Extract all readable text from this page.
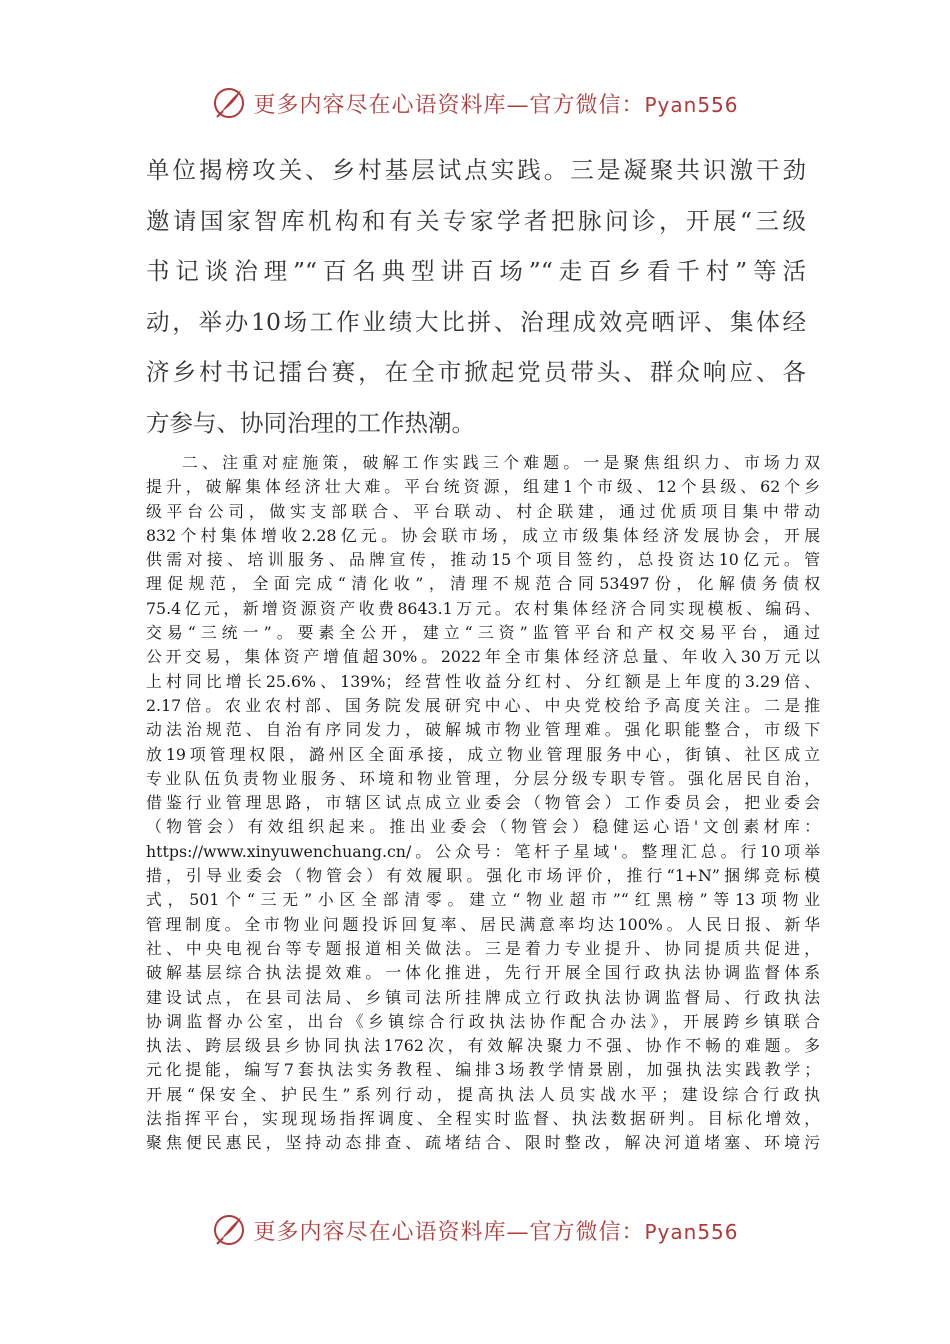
更多内容尽在心语资料库—官方微信：Pyan556
单位揭榜攻关、乡村基层试点实践。三是凝聚共识激干劲
邀请国家智库机构和有关专家学者把脉问诊，开展“三级
书记谈治理”“百名典型讲百场”“走百乡看千村”等活
动，举办10场工作业绩大比拼、治理成效亮晒评、集体经
济乡村书记擂台赛，在全市掀起党员带头、群众响应、各
方参与、协同治理的工作热潮。
二、注重对症施策，破解工作实践三个难题。一是聚焦组织力、市场力双
提升，破解集体经济壮大难。平台统资源，组建1个市级、12个县级、62个乡
级平台公司，做实支部联合、平台联动、村企联建，通过优质项目集中带动
832个村集体增收2.28亿元。协会联市场，成立市级集体经济发展协会，开展
供需对接、培训服务、品牌宣传，推动15个项目签约，总投资达10亿元。管
理促规范，全面完成“清化收”，清理不规范合同53497份，化解债务债权
75.4亿元，新增资源资产收费8643.1万元。农村集体经济合同实现模板、编码、
交易“三统一”。要素全公开，建立“三资”监管平台和产权交易平台，通过
公开交易，集体资产增值超30%。2022年全市集体经济总量、年收入30万元以
上村同比增长25.6%、139%；经营性收益分红村、分红额是上年度的3.29倍、
2.17倍。农业农村部、国务院发展研究中心、中央党校给予高度关注。二是推
动法治规范、自治有序同发力，破解城市物业管理难。强化职能整合，市级下
放19项管理权限，潞州区全面承接，成立物业管理服务中心，街镇、社区成立
专业队伍负责物业服务、环境和物业管理，分层分级专职专管。强化居民自治，
借鉴行业管理思路，市辖区试点成立业委会（物管会）工作委员会，把业委会
（物管会）有效组织起来。推出业委会（物管会）稳健运心语'文创素材库：
https://www.xinyuwenchuang.cn/。公众号：笔杆子星域'。整理汇总。行10项举
措，引导业委会（物管会）有效履职。强化市场评价，推行“1+N”捆绑竞标模
式，501个“三无”小区全部清零。建立“物业超市”“红黑榜”等13项物业
管理制度。全市物业问题投诉回复率、居民满意率均达100%。人民日报、新华
社、中央电视台等专题报道相关做法。三是着力专业提升、协同提质共促进，
破解基层综合执法提效难。一体化推进，先行开展全国行政执法协调监督体系
建设试点，在县司法局、乡镇司法所挂牌成立行政执法协调监督局、行政执法
协调监督办公室，出台《乡镇综合行政执法协作配合办法》，开展跨乡镇联合
执法、跨层级县乡协同执法1762次，有效解决聚力不强、协作不畅的难题。多
元化提能，编写7套执法实务教程、编排3场教学情景剧，加强执法实践教学；
开展“保安全、护民生”系列行动，提高执法人员实战水平；建设综合行政执
法指挥平台，实现现场指挥调度、全程实时监督、执法数据研判。目标化增效，
聚焦便民惠民，坚持动态排查、疏堵结合、限时整改，解决河道堵塞、环境污
更多内容尽在心语资料库—官方微信：Pyan556
